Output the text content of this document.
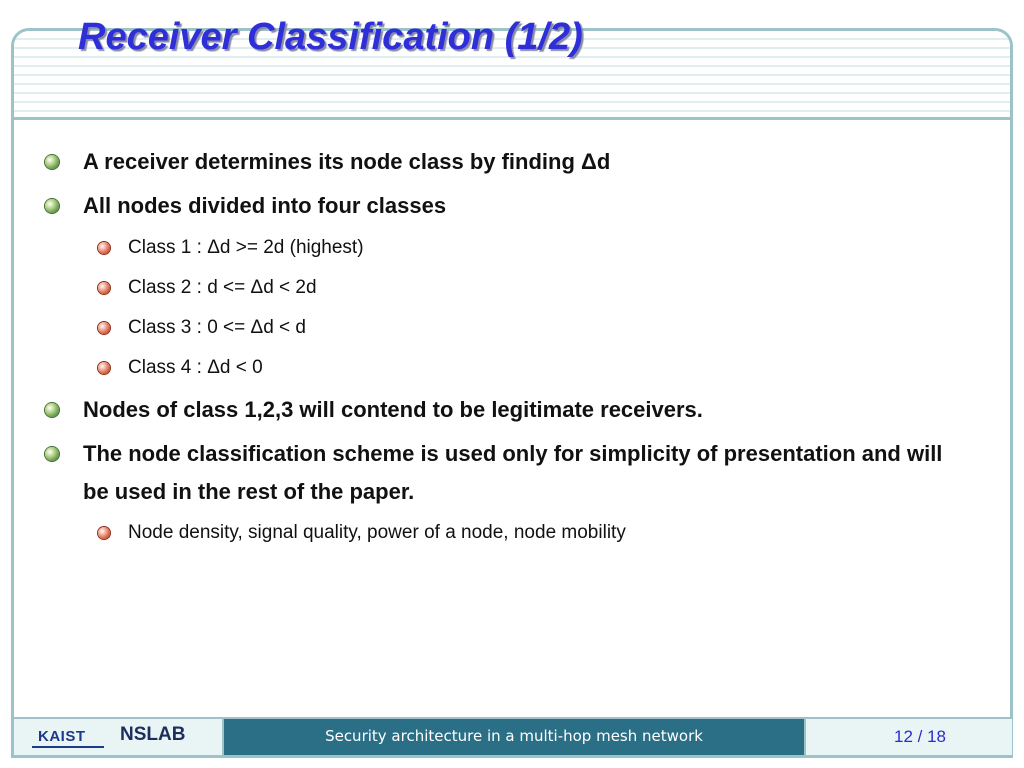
Receiver Classification (1/2)
A receiver determines its node class by finding Δd
All nodes divided into four classes
Class 1 : Δd >= 2d (highest)
Class 2 : d <= Δd < 2d
Class 3 : 0 <= Δd < d
Class 4 : Δd < 0
Nodes of class 1,2,3 will contend to be legitimate receivers.
The node classification scheme is used only for simplicity of presentation and will be used in the rest of the paper.
Node density, signal quality, power of a node, node mobility
KAIST NSLAB	Security architecture in a multi-hop mesh network	12 / 18
